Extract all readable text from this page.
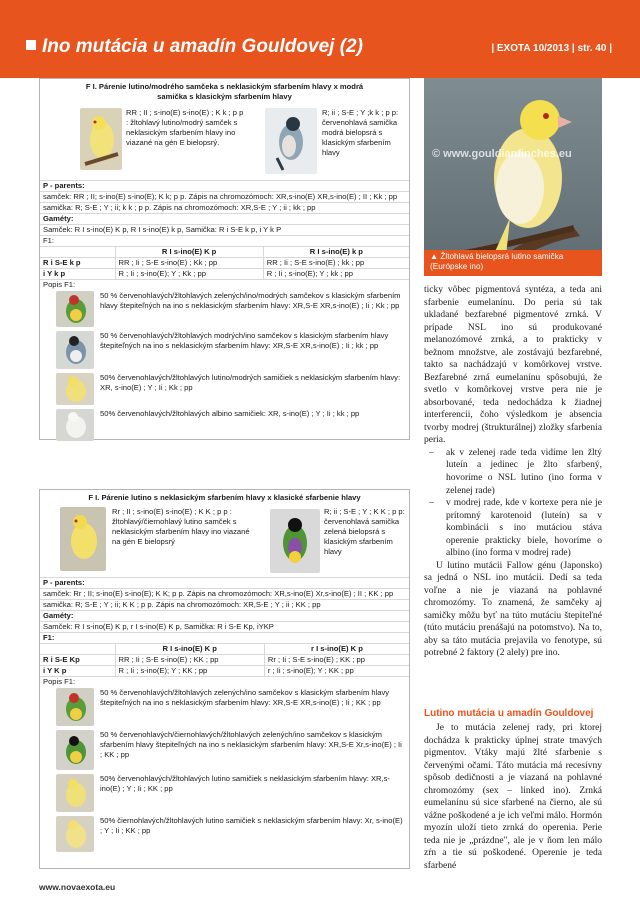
Ino mutácia u amadín Gouldovej (2)	| EXOTA 10/2013 | str. 40 |
F I. Párenie lutino/modrého samčeka s neklasickým sfarbením hlavy x modrá samička s klasickým sfarbením hlavy
RR ; II ; s-ino(E) s-ino(E) ; K k ; p p : žltohlavý lutino/modrý samček s neklasickým sfarbením hlavy ino viazané na gén E bielopsrý.
R; ii ; S-E ; Y ;k k ; p p: červenohlavá samička modrá bielopsrá s klasickým sfarbením hlavy
P - parents:
samček: RR ; II; s-ino(E) s-ino(E); K k; p p. Zápis na chromozómoch: XR,s-ino(E) XR,s-ino(E) ; II ; Kk ; pp
samička: R; S-E ; Y ; ii; k k ; p p. Zápis na chromozómoch: XR,S-E ; Y ; ii ; kk ; pp
Gaméty:
Samček: R I s-ino(E) K p, R I s-ino(E) k p, Samička: R i S-E k p, i Y k P
F1:
	R I s-ino(E) K p	R I s-ino(E) k p
R i S-E k p	RR ; Ii ; S-E s-ino(E) ; Kk ; pp	RR ; Ii ; S-E s-ino(E) ; kk ; pp
i Y k p	R ; Ii ; s-ino(E); Y ; Kk ; pp	R ; Ii ; s-ino(E); Y ; kk ; pp
Popis F1:
50 % červenohlavých/žltohlavých zelených/ino/modrých samčekov s klasickým sfarbením hlavy štepiteľných na ino s neklasickým sfarbením hlavy: XR,S-E XR,s-ino(E) ; Ii ; Kk ; pp
50 % červenohlavých/žltohlavých modrých/ino samčekov s klasickým sfarbením hlavy štepiteľných na ino s neklasickým sfarbením hlavy: XR,S-E XR,s-ino(E) ; Ii ; kk ; pp
50% červenohlavých/žltohlavých lutino/modrých samičiek s neklasickým sfarbením hlavy: XR, s-ino(E) ; Y ; Ii ; Kk ; pp
50% červenohlavých/žltohlavých albino samičiek: XR, s-ino(E) ; Y ; Ii ; kk ; pp
F I. Párenie lutino s neklasickým sfarbením hlavy x klasické sfarbenie hlavy
Rr ; II ; s-ino(E) s-ino(E) ; K K ; p p : žltohlavý/čiernohlavý lutino samček s neklasickým sfarbením hlavy ino viazané na gén E bielopsrý
R; ii ; S-E ; Y ; K K ; p p: červenohlavá samička zelená bielopsrá s klasickým sfarbením hlavy
P - parents:
samček: Rr ; II; s-ino(E) s-ino(E); K K; p p. Zápis na chromozómoch: XR,s-ino(E) Xr,s-ino(E) ; II ; KK ; pp
samička: R; S-E ; Y ; ii; K K ; p p. Zápis na chromozómoch: XR,S-E ; Y ; ii ; KK ; pp
Gaméty:
Samček: R I s-ino(E) K p, r I s-ino(E) K p, Samička: R i S-E Kp, iYKP
F1:
	R I s-ino(E) K p	r I s-ino(E) K p
R i S-E Kp	RR ; Ii ; S-E s-ino(E) ; KK ; pp	Rr ; Ii ; S-E s-ino(E) ; KK ; pp
i Y K p	R ; Ii ; s-ino(E); Y ; KK ; pp	r ; Ii ; s-ino(E); Y ; KK ; pp
Popis F1:
50 % červenohlavých/žltohlavých zelených/ino samčekov s klasickým sfarbením hlavy štepiteľných na ino s neklasickým sfarbením hlavy: XR,S-E XR,s-ino(E) ; Ii ; KK ; pp
50 % červenohlavých/čiernohlavých/žltohlavých zelených/ino samčekov s klasickým sfarbením hlavy štepiteľných na ino s neklasickým sfarbením hlavy: XR,S-E Xr,s-ino(E) ; Ii ; KK ; pp
50% červenohlavých/žltohlavých lutino samičiek s neklasickým sfarbením hlavy: XR,s-ino(E) ; Y ; Ii ; KK ; pp
50% čiernohlavých/žltohlavých lutino samičiek s neklasickým sfarbením hlavy: Xr, s-ino(E) ; Y ; Ii ; KK ; pp
© www.gouldianfinches.eu
▲ Žltohlavá bielopsrá lutino samička (Európske ino)

ticky vôbec pigmentová syntéza, a teda ani sfarbenie eumelanínu. Do peria sú tak ukladané bezfarebné pigmentové zrnká. V prípade NSL ino sú produkované melanozómové zrnká, a to prakticky v bežnom množstve, ale zostávajú bezfarebné, takto sa nachádzajú v komôrkovej vrstve. Bezfarebné zrná eumelanínu spôsobujú, že svetlo v komôrkovej vrstve pera nie je absorbované, teda nedochádza k žiadnej interferencii, čoho výsledkom je absencia tvorby modrej (štrukturálnej) zložky sfarbenia peria.

– ak v zelenej rade teda vidíme len žltý luteín a jedinec je žlto sfarbený, hovoríme o NSL lutino (ino forma v zelenej rade)
– v modrej rade, kde v kortexe pera nie je prítomný karotenoid (luteín) sa v kombinácii s ino mutáciou stáva operenie prakticky biele, hovoríme o albino (ino forma v modrej rade)

U lutino mutácii Fallow génu (Japonsko) sa jedná o NSL ino mutácii. Dedí sa teda voľne a nie je viazaná na pohlavné chromozómy. To znamená, že samčeky aj samičky môžu byť na túto mutáciu štepiteľné (túto mutáciu prenášajú na potomstvo). Na to, aby sa táto mutácia prejavila vo fenotype, sú potrebné 2 faktory (2 alely) pre ino.

Lutino mutácia u amadín Gouldovej

Je to mutácia zelenej rady, pri ktorej dochádza k prakticky úplnej strate tmavých pigmentov. Vtáky majú žlté sfarbenie s červenými očami. Táto mutácia má recesívny spôsob dedičnosti a je viazaná na pohlavné chromozómy (sex – linked ino). Zrnká eumelanínu sú sice sfarbené na čierno, ale sú vážne poškodené a je ich veľmi málo. Hormón myozín uloží tieto zrnká do operenia. Perie teda nie je „prázdne", ale je v ňom len málo zŕn a tie sú poškodené. Operenie je teda sfarbené

www.novaexota.eu
